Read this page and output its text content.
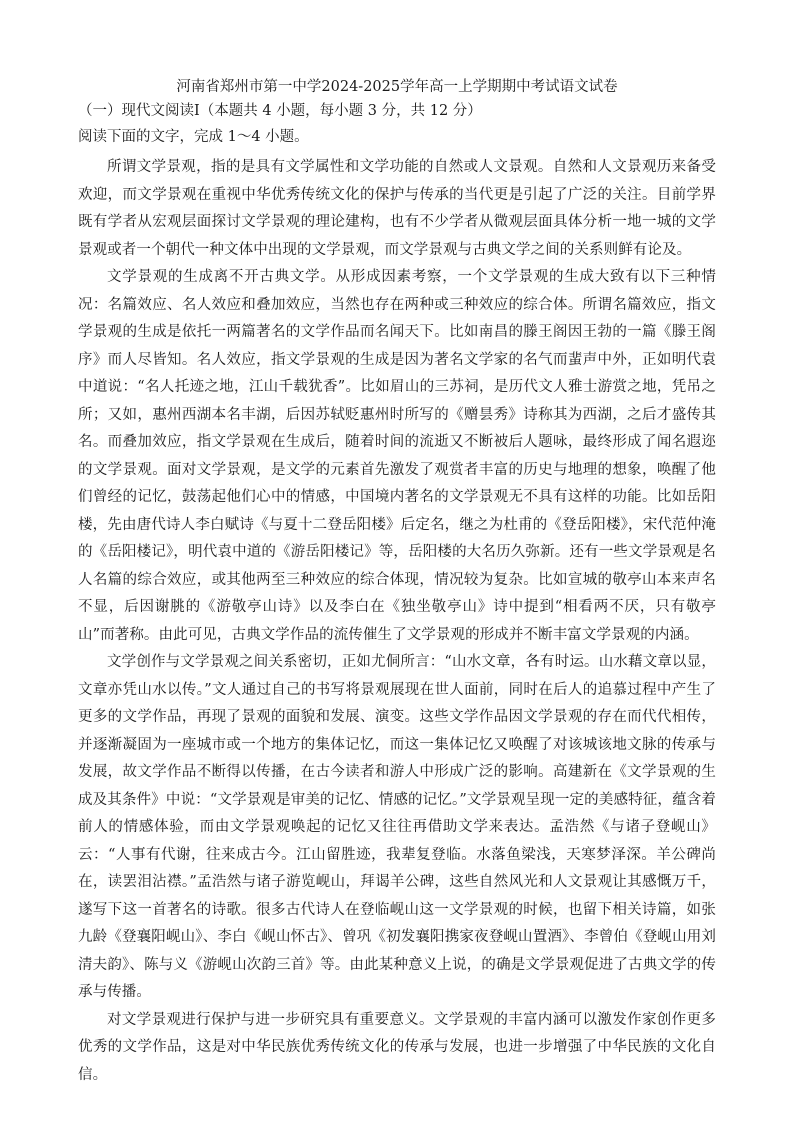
河南省郑州市第一中学2024-2025学年高一上学期期中考试语文试卷
（一）现代文阅读Ⅰ（本题共 4 小题，每小题 3 分，共 12 分）
阅读下面的文字，完成 1～4 小题。

所谓文学景观，指的是具有文学属性和文学功能的自然或人文景观。自然和人文景观历来备受欢迎，而文学景观在重视中华优秀传统文化的保护与传承的当代更是引起了广泛的关注。目前学界既有学者从宏观层面探讨文学景观的理论建构，也有不少学者从微观层面具体分析一地一城的文学景观或者一个朝代一种文体中出现的文学景观，而文学景观与古典文学之间的关系则鲜有论及。

文学景观的生成离不开古典文学。从形成因素考察，一个文学景观的生成大致有以下三种情况：名篇效应、名人效应和叠加效应，当然也存在两种或三种效应的综合体。所谓名篇效应，指文学景观的生成是依托一两篇著名的文学作品而名闻天下。比如南昌的滕王阁因王勃的一篇《滕王阁序》而人尽皆知。名人效应，指文学景观的生成是因为著名文学家的名气而蜚声中外，正如明代袁中道说：“名人托迹之地，江山千载犹香”。比如眉山的三苏祠，是历代文人雅士游赏之地，凭吊之所；又如，惠州西湖本名丰湖，后因苏轼贬惠州时所写的《赠昙秀》诗称其为西湖，之后才盛传其名。而叠加效应，指文学景观在生成后，随着时间的流逝又不断被后人题咏，最终形成了闻名遐迩的文学景观。面对文学景观，是文学的元素首先激发了观赏者丰富的历史与地理的想象，唤醒了他们曾经的记忆，鼓荡起他们心中的情感，中国境内著名的文学景观无不具有这样的功能。比如岳阳楼，先由唐代诗人李白赋诗《与夏十二登岳阳楼》后定名，继之为杜甫的《登岳阳楼》，宋代范仲淹的《岳阳楼记》，明代袁中道的《游岳阳楼记》等，岳阳楼的大名历久弥新。还有一些文学景观是名人名篇的综合效应，或其他两至三种效应的综合体现，情况较为复杂。比如宣城的敬亭山本来声名不显，后因谢朓的《游敬亭山诗》以及李白在《独坐敬亭山》诗中提到“相看两不厌，只有敬亭山”而著称。由此可见，古典文学作品的流传催生了文学景观的形成并不断丰富文学景观的内涵。

文学创作与文学景观之间关系密切，正如尤侗所言：“山水文章，各有时运。山水藉文章以显，文章亦凭山水以传。”文人通过自己的书写将景观展现在世人面前，同时在后人的追慕过程中产生了更多的文学作品，再现了景观的面貌和发展、演变。这些文学作品因文学景观的存在而代代相传，并逐渐凝固为一座城市或一个地方的集体记忆，而这一集体记忆又唤醒了对该城该地文脉的传承与发展，故文学作品不断得以传播，在古今读者和游人中形成广泛的影响。高建新在《文学景观的生成及其条件》中说：“文学景观是审美的记忆、情感的记忆。”文学景观呈现一定的美感特征，蕴含着前人的情感体验，而由文学景观唤起的记忆又往往再借助文学来表达。孟浩然《与诸子登岘山》云：“人事有代谢，往来成古今。江山留胜迹，我辈复登临。水落鱼梁浅，天寒梦泽深。羊公碑尚在，读罢泪沾襟。”孟浩然与诸子游览岘山，拜谒羊公碑，这些自然风光和人文景观让其感慨万千，遂写下这一首著名的诗歌。很多古代诗人在登临岘山这一文学景观的时候，也留下相关诗篇，如张九龄《登襄阳岘山》、李白《岘山怀古》、曾巩《初发襄阳携家夜登岘山置酒》、李曾伯《登岘山用刘清夫韵》、陈与义《游岘山次韵三首》等。由此某种意义上说，的确是文学景观促进了古典文学的传承与传播。

对文学景观进行保护与进一步研究具有重要意义。文学景观的丰富内涵可以激发作家创作更多优秀的文学作品，这是对中华民族优秀传统文化的传承与发展，也进一步增强了中华民族的文化自信。
